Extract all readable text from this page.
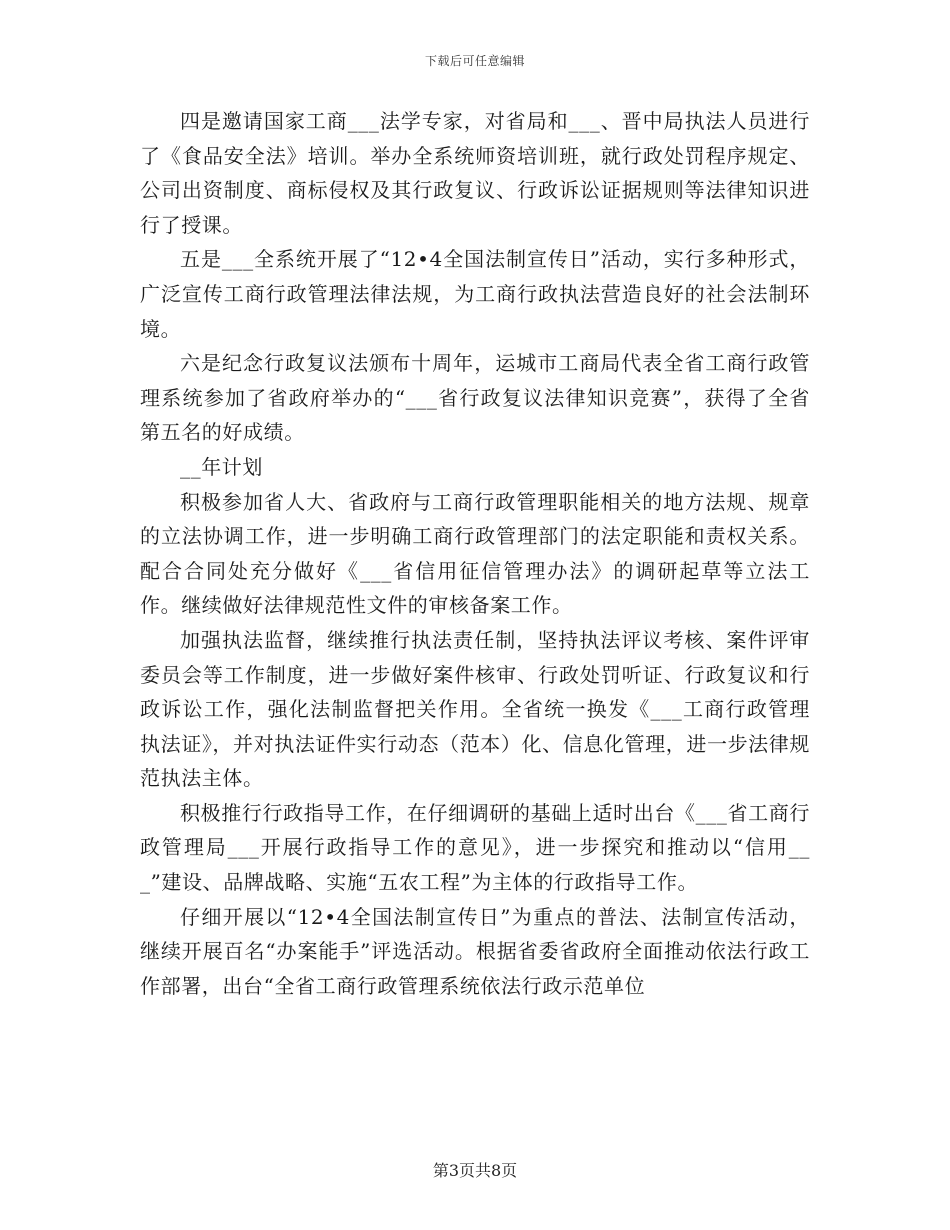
下载后可任意编辑

四是邀请国家工商___法学专家，对省局和___、晋中局执法人员进行了《食品安全法》培训。举办全系统师资培训班，就行政处罚程序规定、公司出资制度、商标侵权及其行政复议、行政诉讼证据规则等法律知识进行了授课。

五是___全系统开展了“12•4全国法制宣传日”活动，实行多种形式，广泛宣传工商行政管理法律法规，为工商行政执法营造良好的社会法制环境。

六是纪念行政复议法颁布十周年，运城市工商局代表全省工商行政管理系统参加了省政府举办的“___省行政复议法律知识竞赛”，获得了全省第五名的好成绩。

__年计划

积极参加省人大、省政府与工商行政管理职能相关的地方法规、规章的立法协调工作，进一步明确工商行政管理部门的法定职能和责权关系。配合合同处充分做好《___省信用征信管理办法》的调研起草等立法工作。继续做好法律规范性文件的审核备案工作。

加强执法监督，继续推行执法责任制，坚持执法评议考核、案件评审委员会等工作制度，进一步做好案件核审、行政处罚听证、行政复议和行政诉讼工作，强化法制监督把关作用。全省统一换发《___工商行政管理执法证》，并对执法证件实行动态（范本）化、信息化管理，进一步法律规范执法主体。

积极推行行政指导工作，在仔细调研的基础上适时出台《___省工商行政管理局___开展行政指导工作的意见》，进一步探究和推动以“信用___”建设、品牌战略、实施“五农工程”为主体的行政指导工作。

仔细开展以“12•4全国法制宣传日”为重点的普法、法制宣传活动，继续开展百名“办案能手”评选活动。根据省委省政府全面推动依法行政工作部署，出台“全省工商行政管理系统依法行政示范单位

第3页共8页
